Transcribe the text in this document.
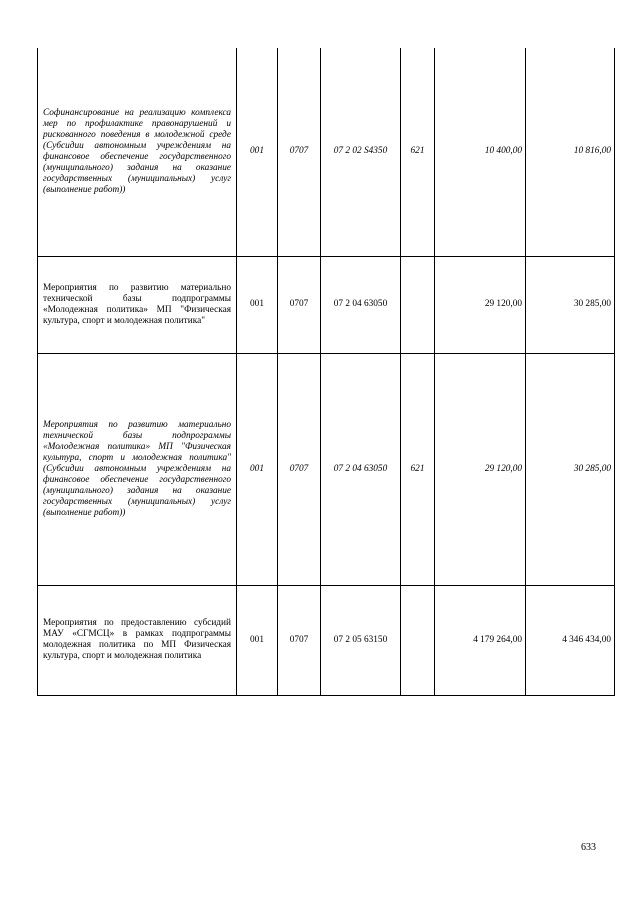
Софинансирование на реализацию комплекса мер по профилактике правонарушений и рискованного поведения в молодежной среде (Субсидии автономным учреждениям на финансовое обеспечение государственного (муниципального) задания на оказание государственных (муниципальных) услуг (выполнение работ))	001	0707	07 2 02 S4350	621	10 400,00	10 816,00
Мероприятия по развитию материально технической базы подпрограммы «Молодежная политика» МП "Физическая культура, спорт и молодежная политика"	001	0707	07 2 04 63050		29 120,00	30 285,00
Мероприятия по развитию материально технической базы подпрограммы «Молодежная политика» МП "Физическая культура, спорт и молодежная политика" (Субсидии автономным учреждениям на финансовое обеспечение государственного (муниципального) задания на оказание государственных (муниципальных) услуг (выполнение работ))	001	0707	07 2 04 63050	621	29 120,00	30 285,00
Мероприятия по предоставлению субсидий МАУ «СГМСЦ» в рамках подпрограммы молодежная политика по МП Физическая культура, спорт и молодежная политика	001	0707	07 2 05 63150		4 179 264,00	4 346 434,00
633
